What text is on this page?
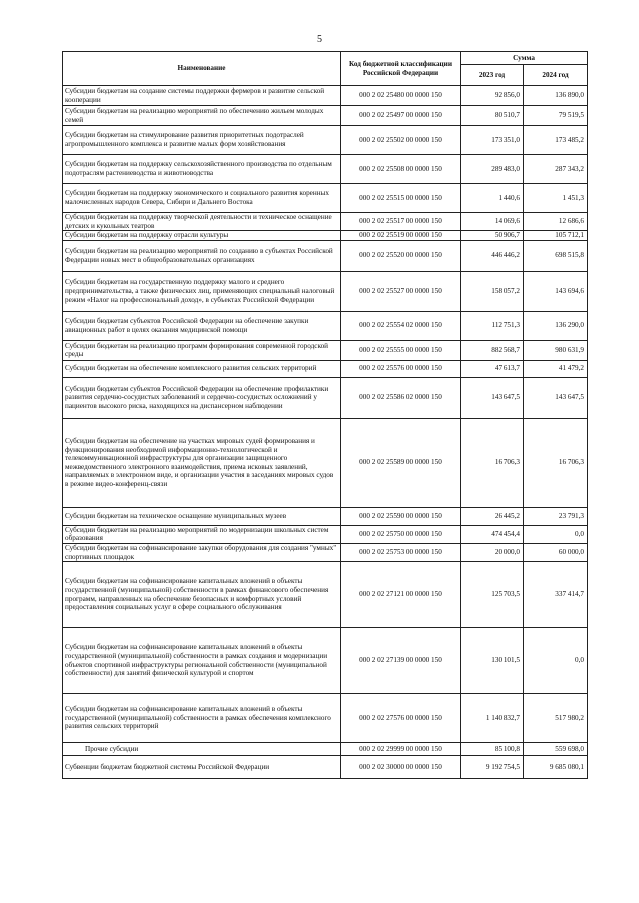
5
Наименование	Код бюджетной классификации Российской Федерации	Сумма	
		2023 год	2024 год
Субсидии бюджетам на создание системы поддержки фермеров и развитие сельской кооперации	000 2 02 25480 00 0000 150	92 856,0	136 890,0
Субсидии бюджетам на реализацию мероприятий по обеспечению жильем молодых семей	000 2 02 25497 00 0000 150	80 510,7	79 519,5
Субсидии бюджетам на стимулирование развития приоритетных подотраслей агропромышленного комплекса и развитие малых форм хозяйствования	000 2 02 25502 00 0000 150	173 351,0	173 485,2
Субсидии бюджетам на поддержку сельскохозяйственного производства по отдельным подотраслям растениеводства и животноводства	000 2 02 25508 00 0000 150	289 483,0	287 343,2
Субсидии бюджетам на поддержку экономического и социального развития коренных малочисленных народов Севера, Сибири и Дальнего Востока	000 2 02 25515 00 0000 150	1 440,6	1 451,3
Субсидии бюджетам на поддержку творческой деятельности и техническое оснащение детских и кукольных театров	000 2 02 25517 00 0000 150	14 069,6	12 686,6
Субсидии бюджетам на поддержку отрасли культуры	000 2 02 25519 00 0000 150	50 906,7	105 712,1
Субсидии бюджетам на реализацию мероприятий по созданию в субъектах Российской Федерации новых мест в общеобразовательных организациях	000 2 02 25520 00 0000 150	446 446,2	698 515,8
Субсидии бюджетам на государственную поддержку малого и среднего предпринимательства, а также физических лиц, применяющих специальный налоговый режим «Налог на профессиональный доход», в субъектах Российской Федерации	000 2 02 25527 00 0000 150	158 057,2	143 694,6
Субсидии бюджетам субъектов Российской Федерации на обеспечение закупки авиационных работ в целях оказания медицинской помощи	000 2 02 25554 02 0000 150	112 751,3	136 290,0
Субсидии бюджетам на реализацию программ формирования современной городской среды	000 2 02 25555 00 0000 150	882 568,7	980 631,9
Субсидии бюджетам на обеспечение комплексного развития сельских территорий	000 2 02 25576 00 0000 150	47 613,7	41 479,2
Субсидии бюджетам субъектов Российской Федерации на обеспечение профилактики развития сердечно-сосудистых заболеваний и сердечно-сосудистых осложнений у пациентов высокого риска, находящихся на диспансерном наблюдении	000 2 02 25586 02 0000 150	143 647,5	143 647,5
Субсидии бюджетам на обеспечение на участках мировых судей формирования и функционирования необходимой информационно-технологической и телекоммуникационной инфраструктуры для организации защищенного межведомственного электронного взаимодействия, приема исковых заявлений, направляемых в электронном виде, и организации участия в заседаниях мировых судов в режиме видео-конференц-связи	000 2 02 25589 00 0000 150	16 706,3	16 706,3
Субсидии бюджетам на техническое оснащение муниципальных музеев	000 2 02 25590 00 0000 150	26 445,2	23 791,3
Субсидии бюджетам на реализацию мероприятий по модернизации школьных систем образования	000 2 02 25750 00 0000 150	474 454,4	0,0
Субсидии бюджетам на софинансирование закупки оборудования для создания "умных" спортивных площадок	000 2 02 25753 00 0000 150	20 000,0	60 000,0
Субсидии бюджетам на софинансирование капитальных вложений в объекты государственной (муниципальной) собственности в рамках финансового обеспечения программ, направленных на обеспечение безопасных и комфортных условий предоставления социальных услуг в сфере социального обслуживания	000 2 02 27121 00 0000 150	125 703,5	337 414,7
Субсидии бюджетам на софинансирование капитальных вложений в объекты государственной (муниципальной) собственности в рамках создания и модернизации объектов спортивной инфраструктуры региональной собственности (муниципальной собственности) для занятий физической культурой и спортом	000 2 02 27139 00 0000 150	130 101,5	0,0
Субсидии бюджетам на софинансирование капитальных вложений в объекты государственной (муниципальной) собственности в рамках обеспечения комплексного развития сельских территорий	000 2 02 27576 00 0000 150	1 140 832,7	517 980,2
Прочие субсидии	000 2 02 29999 00 0000 150	85 100,8	559 698,0
Субвенции бюджетам бюджетной системы Российской Федерации	000 2 02 30000 00 0000 150	9 192 754,5	9 685 080,1
